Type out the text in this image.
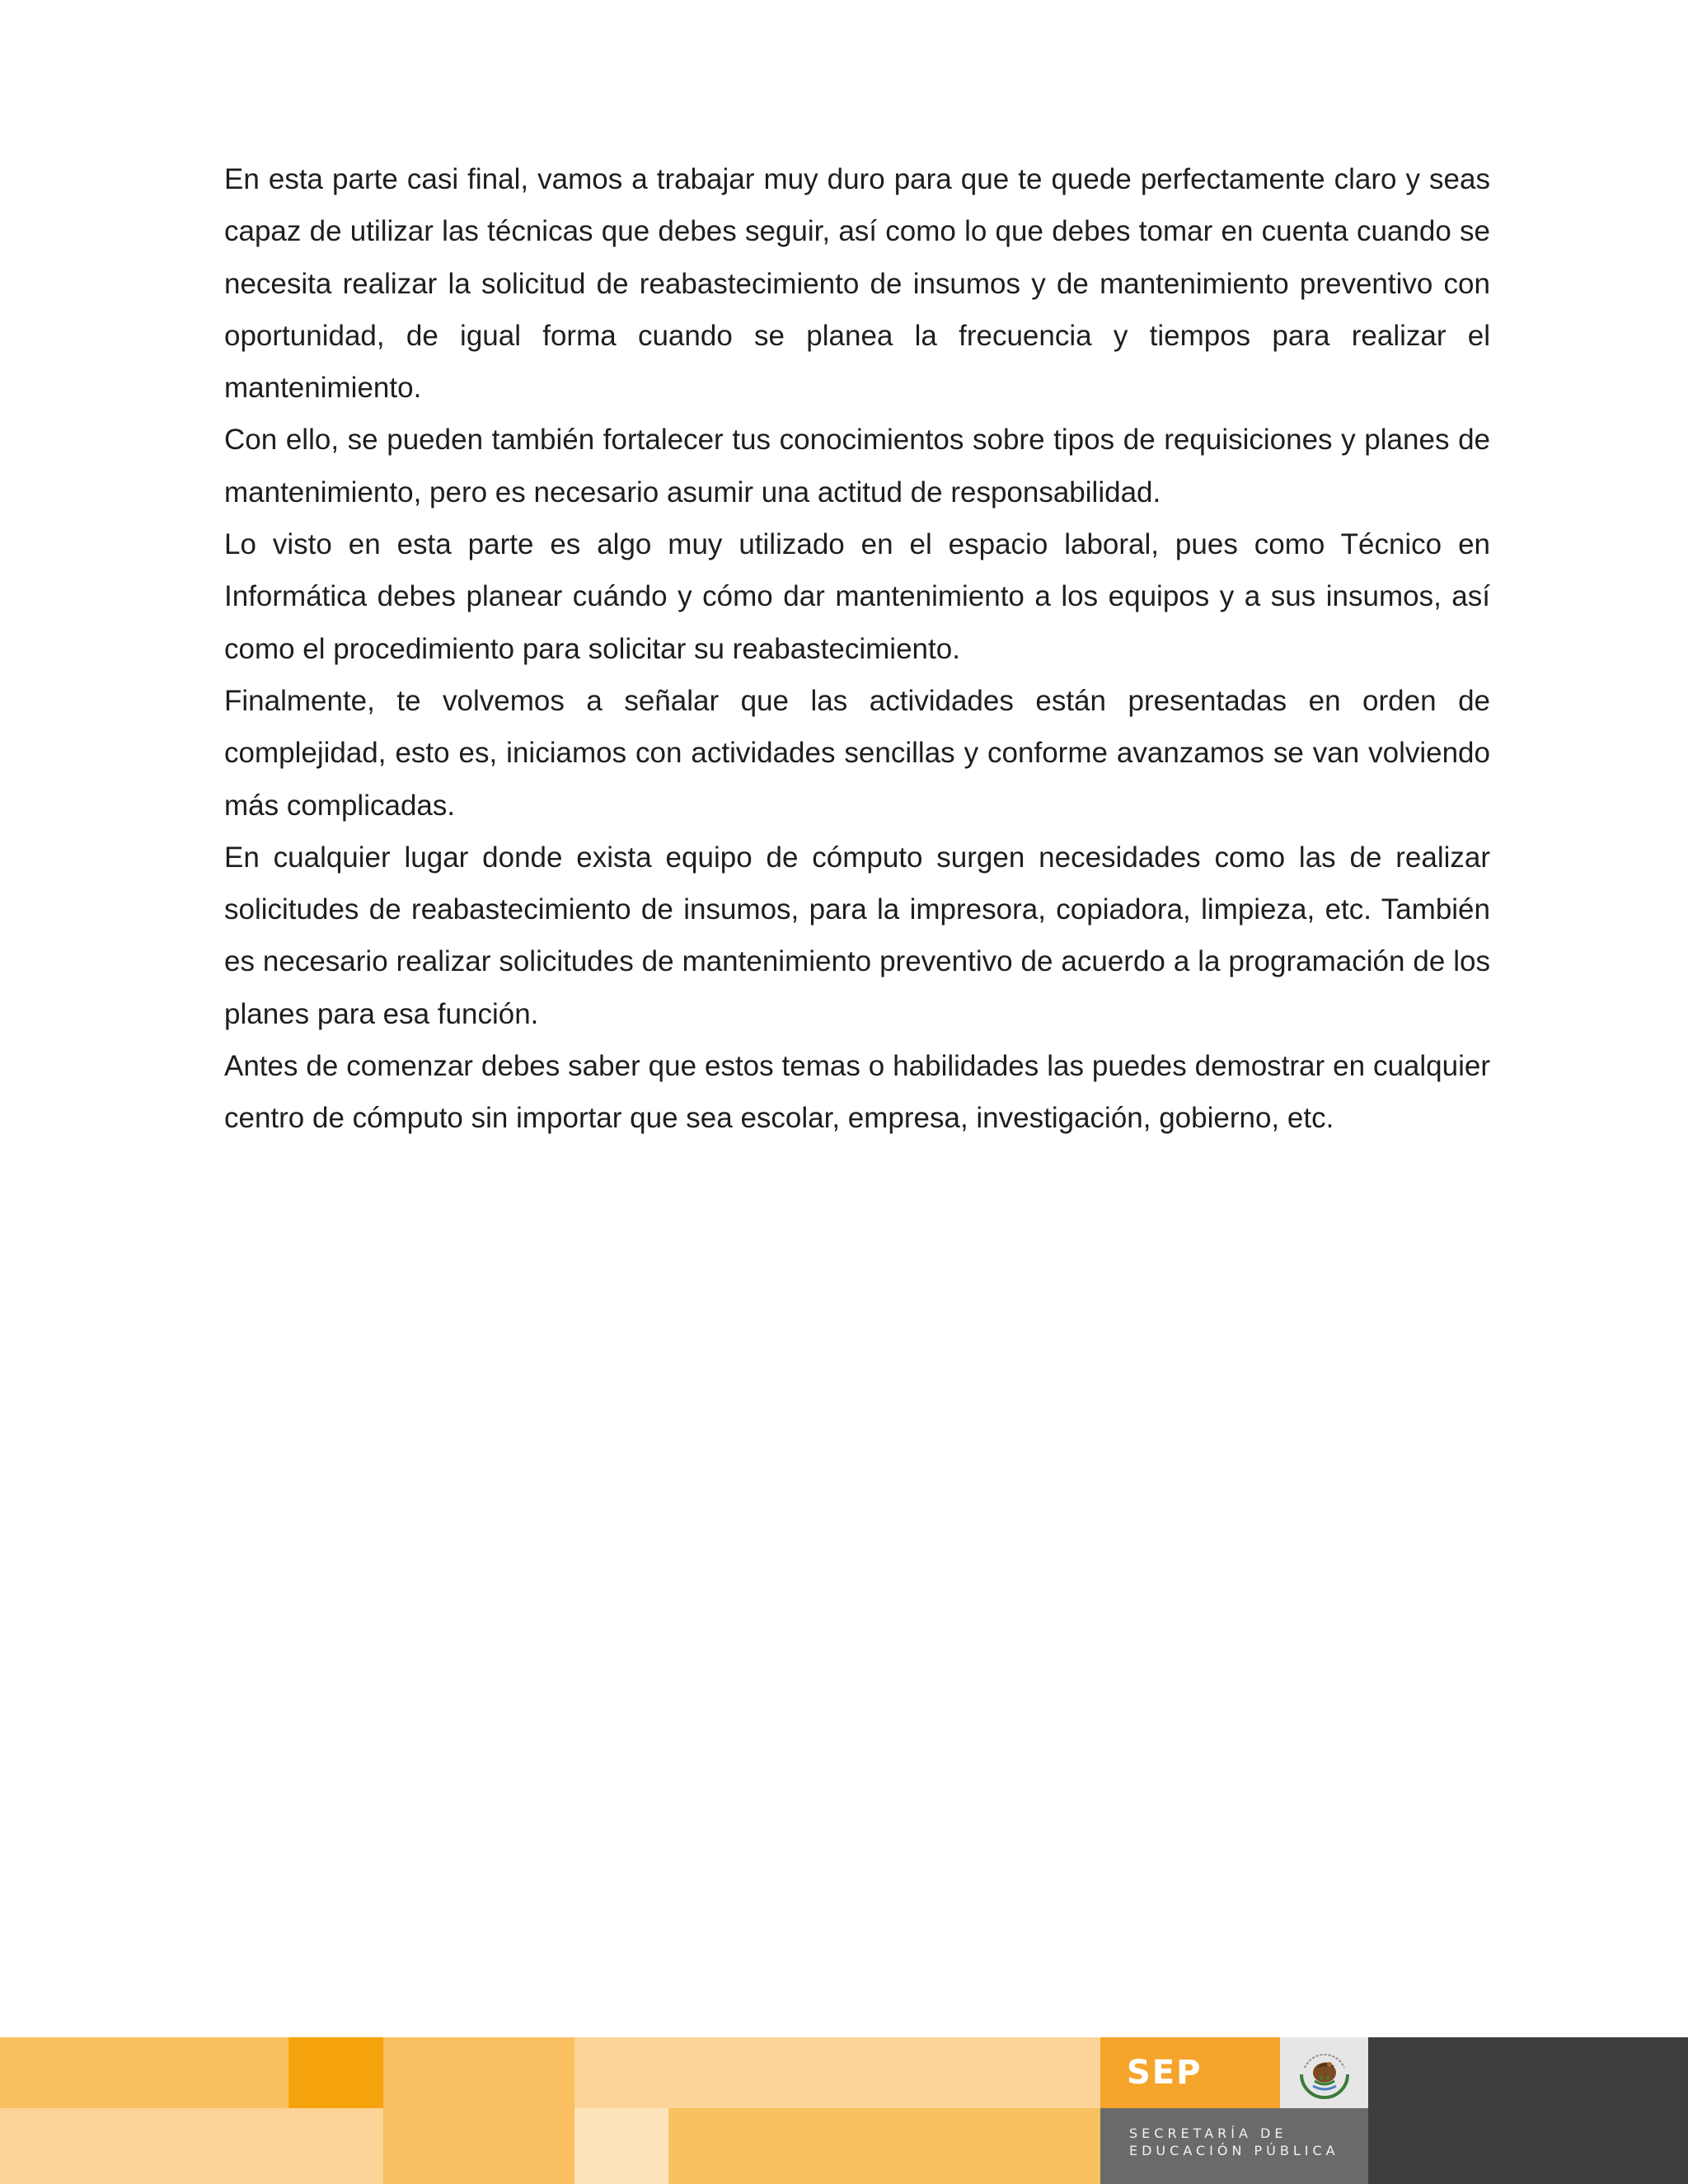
En esta parte casi final, vamos a trabajar muy duro para que te quede perfectamente claro y seas capaz de utilizar las técnicas que debes seguir, así como lo que debes tomar en cuenta cuando se necesita realizar la solicitud de reabastecimiento de insumos y de mantenimiento preventivo con oportunidad, de igual forma cuando se planea la frecuencia y tiempos para realizar el mantenimiento.

Con ello, se pueden también fortalecer tus conocimientos sobre tipos de requisiciones y planes de mantenimiento, pero es necesario asumir una actitud de responsabilidad.

Lo visto en esta parte es algo muy utilizado en el espacio laboral, pues como Técnico en Informática debes planear cuándo y cómo dar mantenimiento a los equipos y a sus insumos, así como el procedimiento para solicitar su reabastecimiento.

Finalmente, te volvemos a señalar que las actividades están presentadas en orden de complejidad, esto es, iniciamos con actividades sencillas y conforme avanzamos se van volviendo más complicadas.

En cualquier lugar donde exista equipo de cómputo surgen necesidades como las de realizar solicitudes de reabastecimiento de insumos, para la impresora, copiadora, limpieza, etc. También es necesario realizar solicitudes de mantenimiento preventivo de acuerdo a la programación de los planes para esa función.

Antes de comenzar debes saber que estos temas o habilidades las puedes demostrar en cualquier centro de cómputo sin importar que sea escolar, empresa, investigación, gobierno, etc.

SEP
SECRETARÍA DE
EDUCACIÓN PÚBLICA
